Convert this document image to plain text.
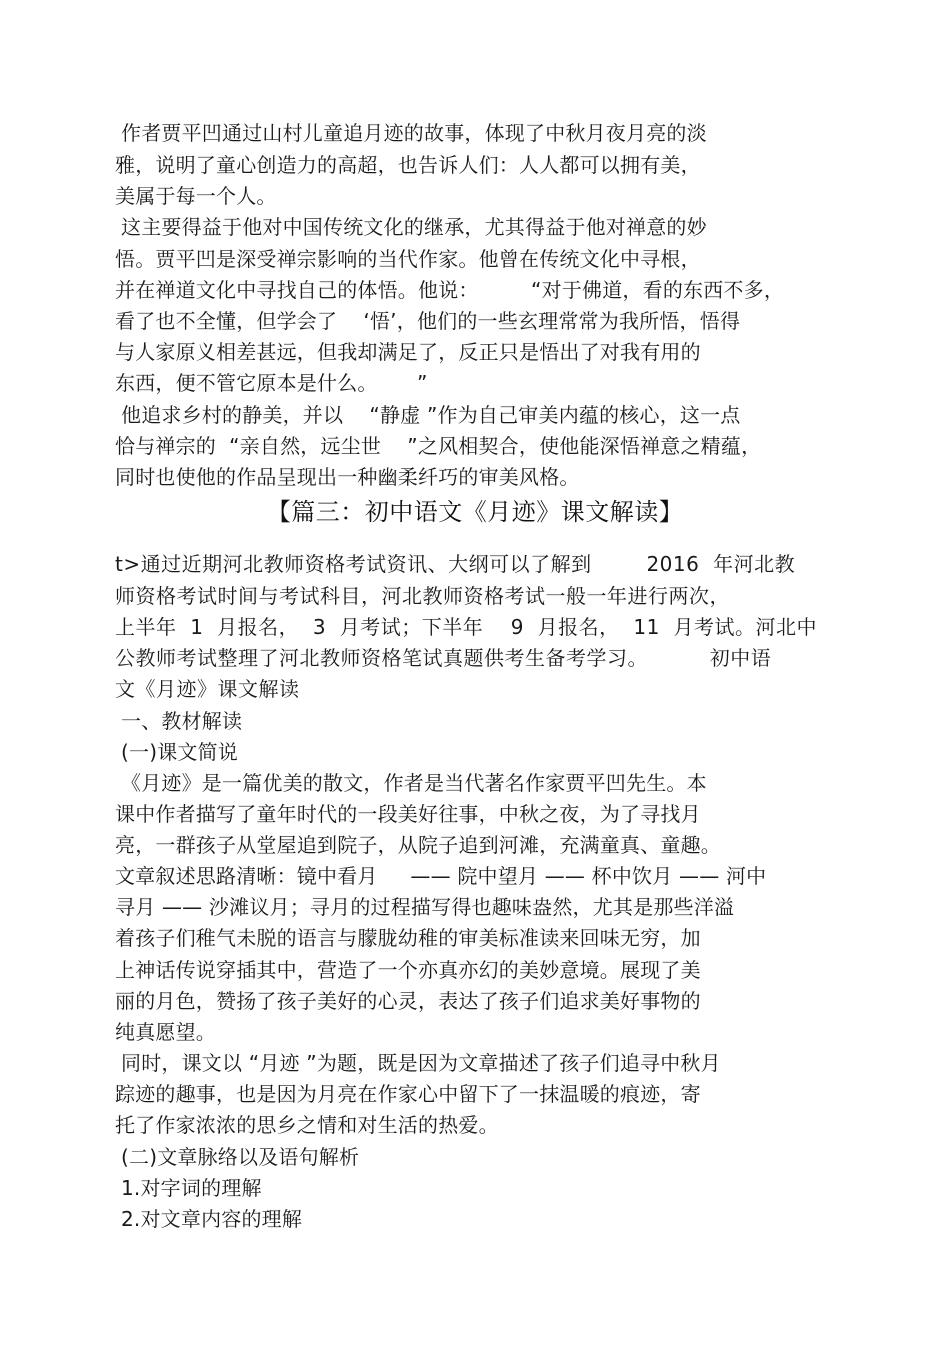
作者贾平凹通过山村儿童追月迹的故事，体现了中秋月夜月亮的淡
雅，说明了童心创造力的高超，也告诉人们：人人都可以拥有美，
美属于每一个人。
这主要得益于他对中国传统文化的继承，尤其得益于他对禅意的妙
悟。贾平凹是深受禅宗影响的当代作家。他曾在传统文化中寻根，
并在禅道文化中寻找自己的体悟。他说：        “对于佛道，看的东西不多，
看了也不全懂，但学会了    ‘悟’，他们的一些玄理常常为我所悟，悟得
与人家原义相差甚远，但我却满足了，反正只是悟出了对我有用的
东西，便不管它原本是什么。      ”
他追求乡村的静美，并以    “静虚 ”作为自己审美内蕴的核心，这一点
恰与禅宗的  “亲自然，远尘世    ”之风相契合，使他能深悟禅意之精蕴，
同时也使他的作品呈现出一种幽柔纤巧的审美风格。
【篇三：初中语文《月迹》课文解读】
t>通过近期河北教师资格考试资讯、大纲可以了解到        2016  年河北教
师资格考试时间与考试科目，河北教师资格考试一般一年进行两次，
上半年  1  月报名，  3  月考试；下半年    9  月报名，  11  月考试。河北中
公教师考试整理了河北教师资格笔试真题供考生备考学习。         初中语
文《月迹》课文解读
一、教材解读
(一)课文简说
《月迹》是一篇优美的散文，作者是当代著名作家贾平凹先生。本
课中作者描写了童年时代的一段美好往事，中秋之夜，为了寻找月
亮，一群孩子从堂屋追到院子，从院子追到河滩，充满童真、童趣。
文章叙述思路清晰：镜中看月     —— 院中望月 —— 杯中饮月 —— 河中
寻月 —— 沙滩议月；寻月的过程描写得也趣味盎然，尤其是那些洋溢
着孩子们稚气未脱的语言与朦胧幼稚的审美标准读来回味无穷，加
上神话传说穿插其中，营造了一个亦真亦幻的美妙意境。展现了美
丽的月色，赞扬了孩子美好的心灵，表达了孩子们追求美好事物的
纯真愿望。
同时，课文以 “月迹 ”为题，既是因为文章描述了孩子们追寻中秋月
踪迹的趣事，也是因为月亮在作家心中留下了一抹温暖的痕迹，寄
托了作家浓浓的思乡之情和对生活的热爱。
(二)文章脉络以及语句解析
1.对字词的理解
2.对文章内容的理解
